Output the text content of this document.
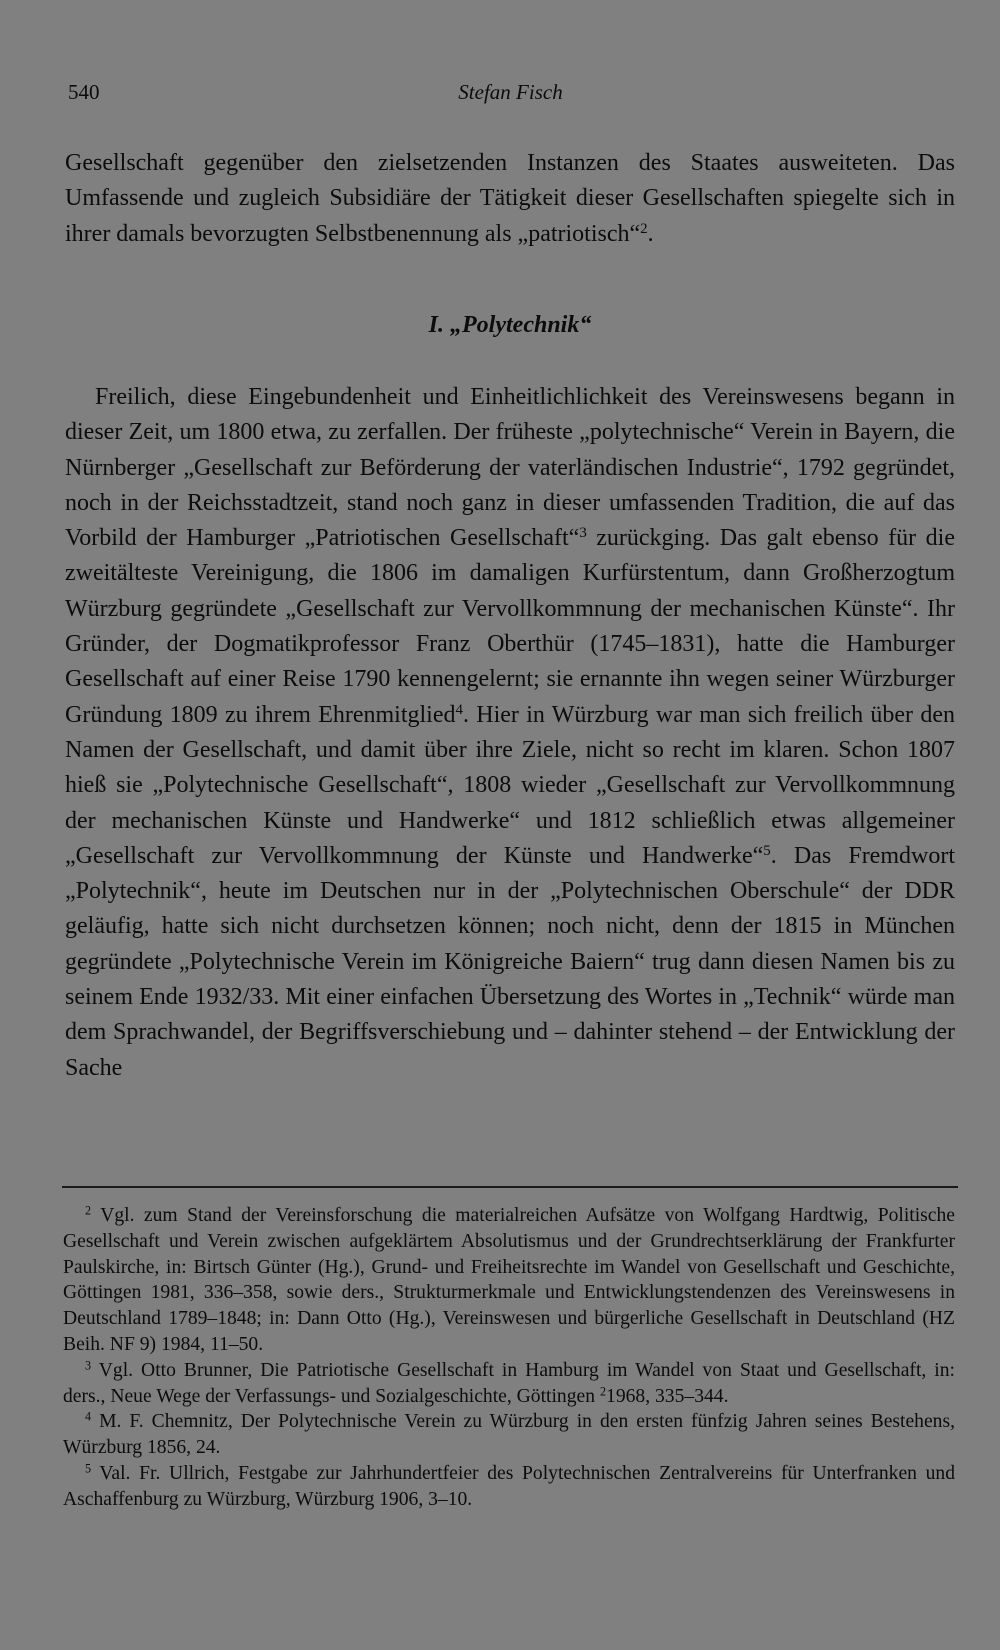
540	Stefan Fisch

Gesellschaft gegenüber den zielsetzenden Instanzen des Staates ausweiteten. Das Umfassende und zugleich Subsidiäre der Tätigkeit dieser Gesellschaften spiegelte sich in ihrer damals bevorzugten Selbstbenennung als „patriotisch“$^2$.

I. „Polytechnik“

Freilich, diese Eingebundenheit und Einheitlichlichkeit des Vereinswesens begann in dieser Zeit, um 1800 etwa, zu zerfallen. Der früheste „polytechnische“ Verein in Bayern, die Nürnberger „Gesellschaft zur Beförderung der vaterländischen Industrie“, 1792 gegründet, noch in der Reichsstadtzeit, stand noch ganz in dieser umfassenden Tradition, die auf das Vorbild der Hamburger „Patriotischen Gesellschaft“$^3$ zurückging. Das galt ebenso für die zweitälteste Vereinigung, die 1806 im damaligen Kurfürstentum, dann Großherzogtum Würzburg gegründete „Gesellschaft zur Vervollkommnung der mechanischen Künste“. Ihr Gründer, der Dogmatikprofessor Franz Oberthür (1745–1831), hatte die Hamburger Gesellschaft auf einer Reise 1790 kennengelernt; sie ernannte ihn wegen seiner Würzburger Gründung 1809 zu ihrem Ehrenmitglied$^4$. Hier in Würzburg war man sich freilich über den Namen der Gesellschaft, und damit über ihre Ziele, nicht so recht im klaren. Schon 1807 hieß sie „Polytechnische Gesellschaft“, 1808 wieder „Gesellschaft zur Vervollkommnung der mechanischen Künste und Handwerke“ und 1812 schließlich etwas allgemeiner „Gesellschaft zur Vervollkommnung der Künste und Handwerke“$^5$. Das Fremdwort „Polytechnik“, heute im Deutschen nur in der „Polytechnischen Oberschule“ der DDR geläufig, hatte sich nicht durchsetzen können; noch nicht, denn der 1815 in München gegründete „Polytechnische Verein im Königreiche Baiern“ trug dann diesen Namen bis zu seinem Ende 1932/33. Mit einer einfachen Übersetzung des Wortes in „Technik“ würde man dem Sprachwandel, der Begriffsverschiebung und – dahinter stehend – der Entwicklung der Sache

$^2$ Vgl. zum Stand der Vereinsforschung die materialreichen Aufsätze von Wolfgang Hardtwig, Politische Gesellschaft und Verein zwischen aufgeklärtem Absolutismus und der Grundrechtserklärung der Frankfurter Paulskirche, in: Birtsch Günter (Hg.), Grund- und Freiheitsrechte im Wandel von Gesellschaft und Geschichte, Göttingen 1981, 336–358, sowie ders., Strukturmerkmale und Entwicklungstendenzen des Vereinswesens in Deutschland 1789–1848; in: Dann Otto (Hg.), Vereinswesen und bürgerliche Gesellschaft in Deutschland (HZ Beih. NF 9) 1984, 11–50.

$^3$ Vgl. Otto Brunner, Die Patriotische Gesellschaft in Hamburg im Wandel von Staat und Gesellschaft, in: ders., Neue Wege der Verfassungs- und Sozialgeschichte, Göttingen $^2$1968, 335–344.

$^4$ M. F. Chemnitz, Der Polytechnische Verein zu Würzburg in den ersten fünfzig Jahren seines Bestehens, Würzburg 1856, 24.

$^5$ Val. Fr. Ullrich, Festgabe zur Jahrhundertfeier des Polytechnischen Zentralvereins für Unterfranken und Aschaffenburg zu Würzburg, Würzburg 1906, 3–10.
